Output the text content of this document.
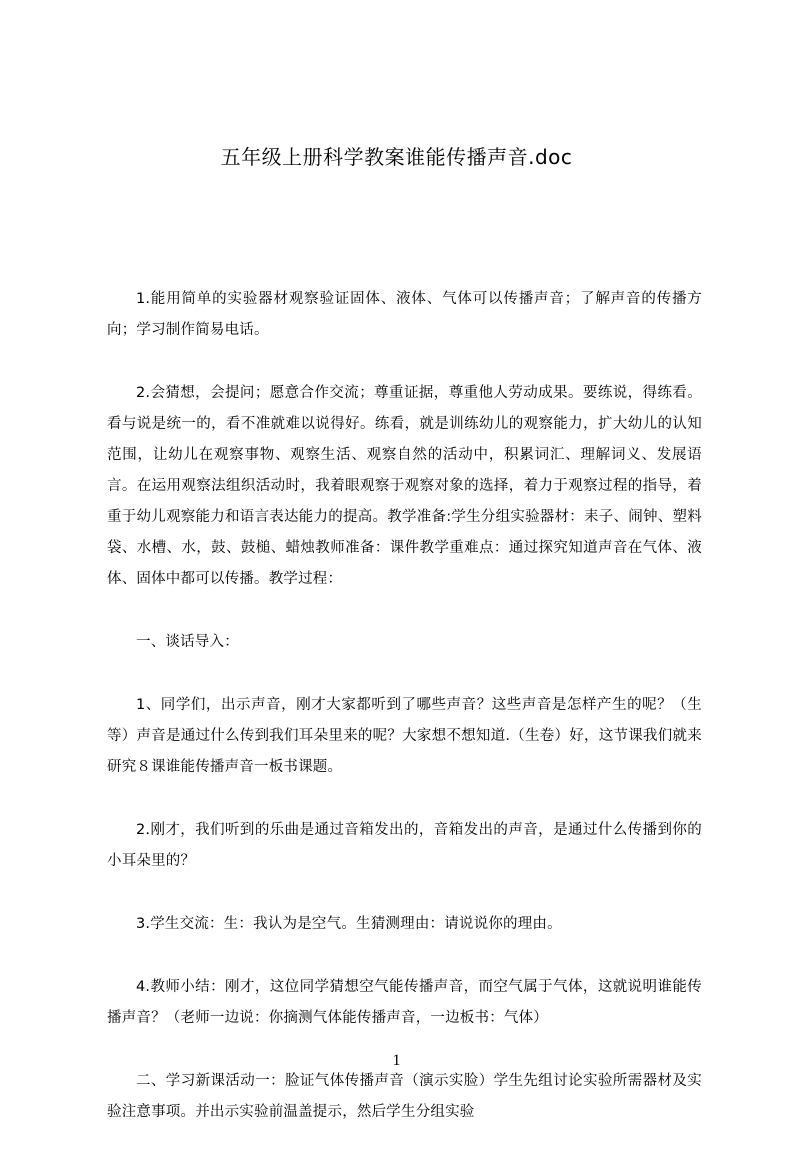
五年级上册科学教案谁能传播声音.doc

1.能用简单的实验器材观察验证固体、液体、气体可以传播声音；了解声音的传播方向；学习制作简易电话。

2.会猜想，会提问；愿意合作交流；尊重证据，尊重他人劳动成果。要练说，得练看。看与说是统一的，看不准就难以说得好。练看，就是训练幼儿的观察能力，扩大幼儿的认知范围，让幼儿在观察事物、观察生活、观察自然的活动中，积累词汇、理解词义、发展语言。在运用观察法组织活动时，我着眼观察于观察对象的选择，着力于观察过程的指导，着重于幼儿观察能力和语言表达能力的提高。教学准备:学生分组实验器材：耒子、闹钟、塑料袋、水槽、水，鼓、鼓槌、蜡烛教师准备：课件教学重难点：通过探究知道声音在气体、液体、固体中都可以传播。教学过程：

一、谈话导入：

1、同学们，出示声音，刚才大家都听到了哪些声音？这些声音是怎样产生的呢？（生等）声音是通过什么传到我们耳朵里来的呢？大家想不想知道.（生卷）好，这节课我们就来研究８课谁能传播声音一板书课题。

2.刚才，我们听到的乐曲是通过音箱发出的，音箱发出的声音，是通过什么传播到你的小耳朵里的？

3.学生交流：生：我认为是空气。生猜测理由：请说说你的理由。

4.教师小结：刚才，这位同学猜想空气能传播声音，而空气属于气体，这就说明谁能传播声音？（老师一边说：你摘测气体能传播声音，一边板书：气体）

二、学习新课活动一：脸证气体传播声音（演示实脸）学生先组讨论实验所需器材及实验注意事项。并出示实验前温盖提示，然后学生分组实验

1
